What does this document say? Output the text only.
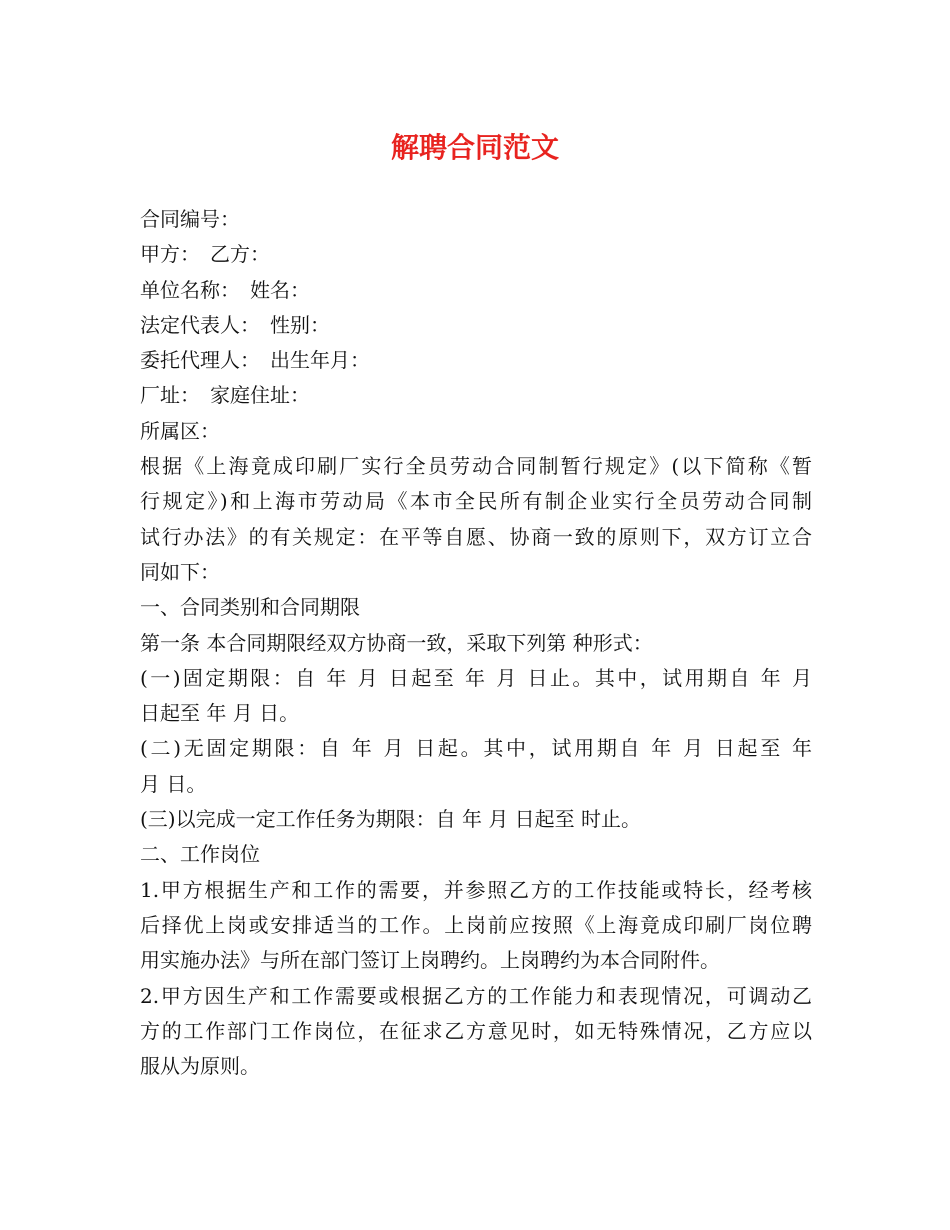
解聘合同范文
合同编号：
甲方：　乙方：
单位名称：　姓名：
法定代表人：　性别：
委托代理人：　出生年月：
厂址：　家庭住址：
所属区：
根据《上海竟成印刷厂实行全员劳动合同制暂行规定》(以下简称《暂
行规定》)和上海市劳动局《本市全民所有制企业实行全员劳动合同制
试行办法》的有关规定：在平等自愿、协商一致的原则下，双方订立合
同如下：
一、合同类别和合同期限
第一条 本合同期限经双方协商一致，采取下列第 种形式：
(一)固定期限：自 年 月 日起至 年 月 日止。其中，试用期自 年 月
日起至 年 月 日。
(二)无固定期限：自 年 月 日起。其中，试用期自 年 月 日起至 年
月 日。
(三)以完成一定工作任务为期限：自 年 月 日起至 时止。
二、工作岗位
1.甲方根据生产和工作的需要，并参照乙方的工作技能或特长，经考核
后择优上岗或安排适当的工作。上岗前应按照《上海竟成印刷厂岗位聘
用实施办法》与所在部门签订上岗聘约。上岗聘约为本合同附件。
2.甲方因生产和工作需要或根据乙方的工作能力和表现情况，可调动乙
方的工作部门工作岗位，在征求乙方意见时，如无特殊情况，乙方应以
服从为原则。
